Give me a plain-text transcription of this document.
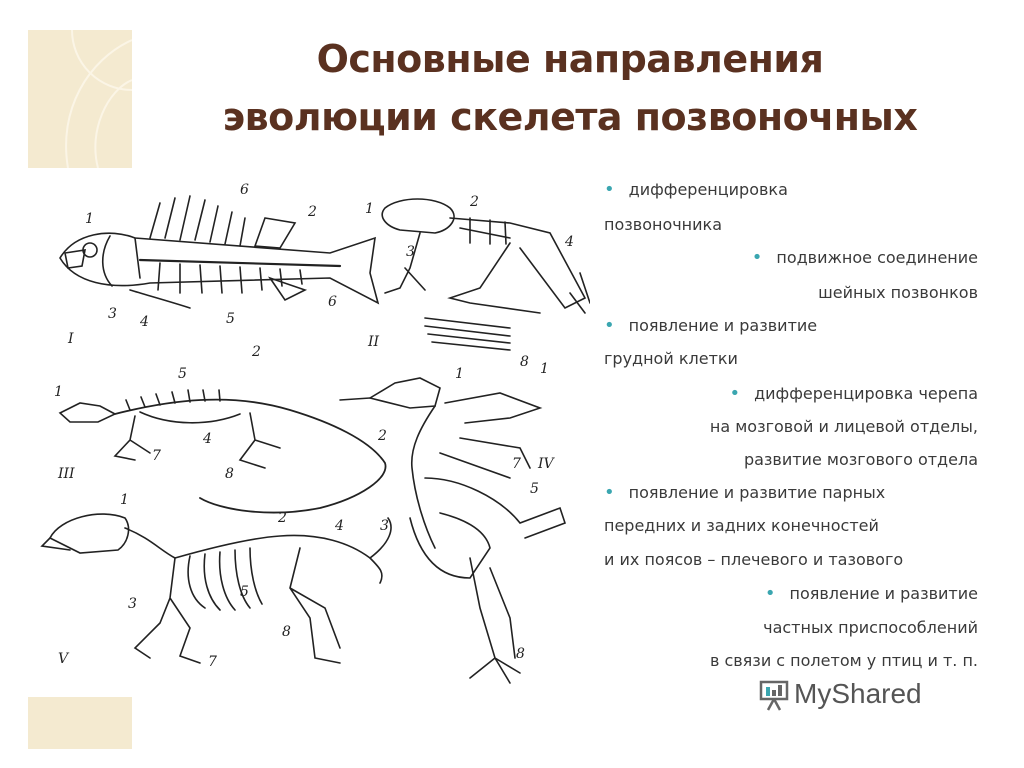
Основные направления
эволюции скелета позвоночных
I	II
III
IV
V
1	2
3 4	5
6
6
1	2
3
4
8 1
1
2
4
5
7
8
1
2
3
5
7
8
1
2
3
4
5
7
8
• дифференцировка
позвоночника
• подвижное соединение
шейных позвонков
• появление и развитие
грудной клетки
• дифференцировка черепа
на мозговой и лицевой отделы,
развитие мозгового отдела
• появление и развитие парных
передних и задних конечностей
и их поясов – плечевого и тазового
• появление и развитие
частных приспособлений
в связи с полетом у птиц и т. п.
MyShared
